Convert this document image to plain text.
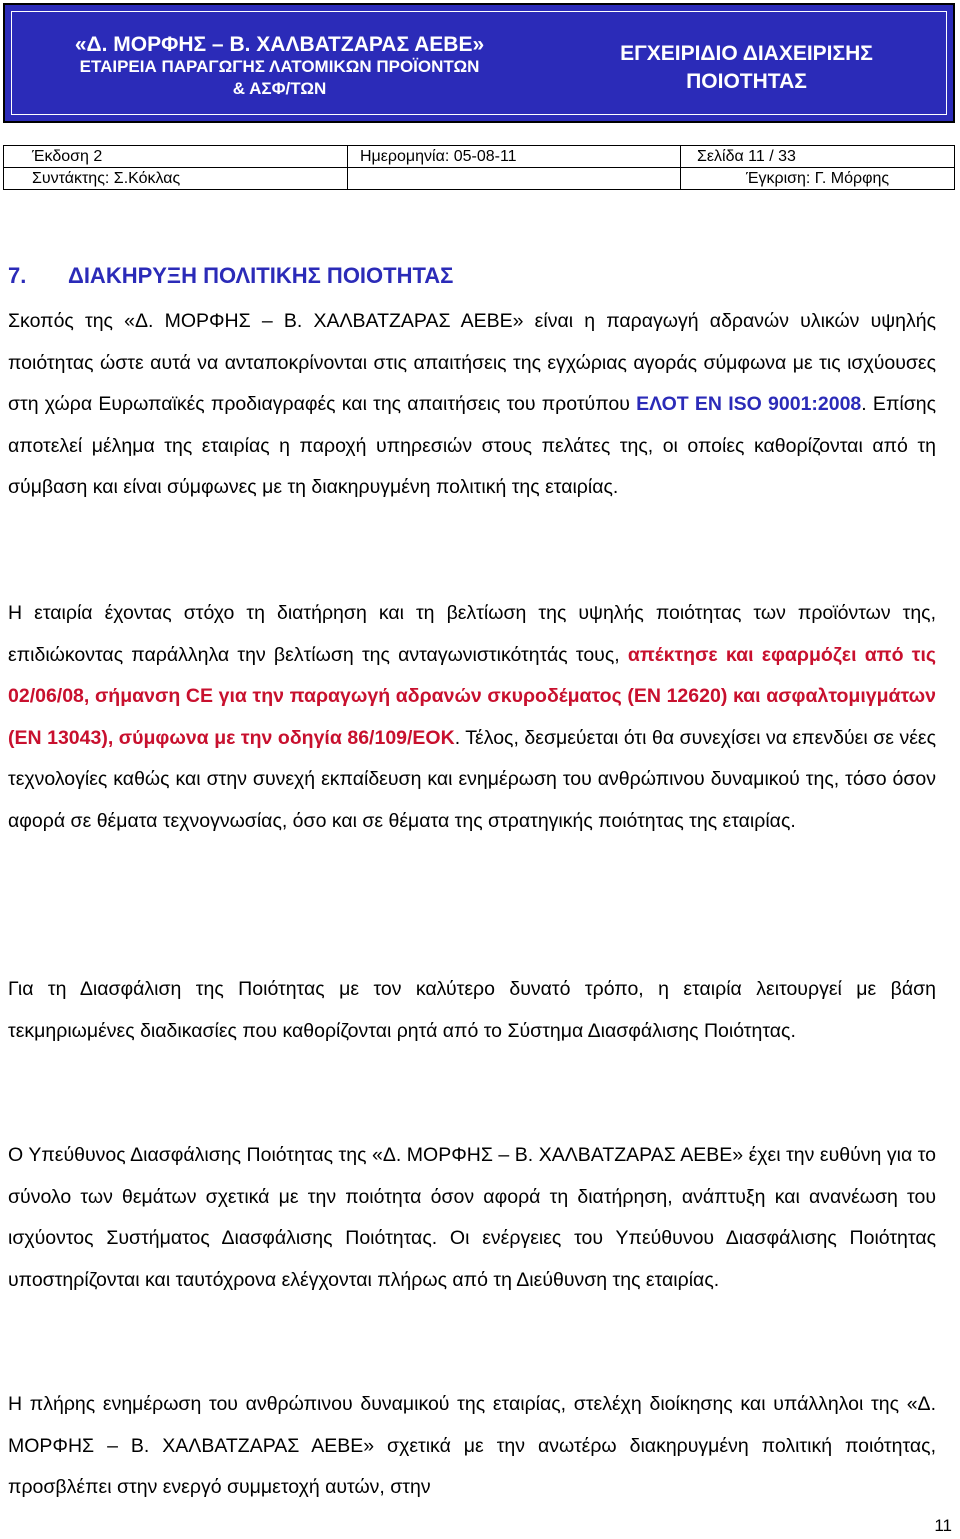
«Δ. ΜΟΡΦΗΣ – Β. ΧΑΛΒΑΤΖΑΡΑΣ ΑΕΒΕ»
ΕΤΑΙΡΕΙΑ ΠΑΡΑΓΩΓΗΣ ΛΑΤΟΜΙΚΩΝ ΠΡΟΪΟΝΤΩΝ
& ΑΣΦ/ΤΩΝ
ΕΓΧΕΙΡΙΔΙΟ ΔΙΑΧΕΙΡΙΣΗΣ
ΠΟΙΟΤΗΤΑΣ
Έκδοση 2	Ημερομηνία: 05-08-11	Σελίδα 11 / 33
Συντάκτης: Σ.Κόκλας		Έγκριση: Γ. Μόρφης
7. ΔΙΑΚΗΡΥΞΗ ΠΟΛΙΤΙΚΗΣ ΠΟΙΟΤΗΤΑΣ
Σκοπός της «Δ. ΜΟΡΦΗΣ – Β. ΧΑΛΒΑΤΖΑΡΑΣ ΑΕΒΕ» είναι η παραγωγή αδρανών υλικών υψηλής ποιότητας ώστε αυτά να ανταποκρίνονται στις απαιτήσεις της εγχώριας αγοράς σύμφωνα με τις ισχύουσες στη χώρα Ευρωπαϊκές προδιαγραφές και της απαιτήσεις του προτύπου ΕΛΟΤ ΕΝ ISO 9001:2008. Επίσης αποτελεί μέλημα της εταιρίας η παροχή υπηρεσιών στους πελάτες της, οι οποίες καθορίζονται από τη σύμβαση και είναι σύμφωνες με τη διακηρυγμένη πολιτική της εταιρίας.
Η εταιρία έχοντας στόχο τη διατήρηση και τη βελτίωση της υψηλής ποιότητας των προϊόντων της, επιδιώκοντας παράλληλα την βελτίωση της ανταγωνιστικότητάς τους, απέκτησε και εφαρμόζει από τις 02/06/08, σήμανση CE για την παραγωγή αδρανών σκυροδέματος (EN 12620) και ασφαλτομιγμάτων (EN 13043), σύμφωνα με την οδηγία 86/109/ΕΟΚ. Τέλος, δεσμεύεται ότι θα συνεχίσει να επενδύει σε νέες τεχνολογίες καθώς και στην συνεχή εκπαίδευση και ενημέρωση του ανθρώπινου δυναμικού της, τόσο όσον αφορά σε θέματα τεχνογνωσίας, όσο και σε θέματα της στρατηγικής ποιότητας της εταιρίας.
Για τη Διασφάλιση της Ποιότητας με τον καλύτερο δυνατό τρόπο, η εταιρία λειτουργεί με βάση τεκμηριωμένες διαδικασίες που καθορίζονται ρητά από το Σύστημα Διασφάλισης Ποιότητας.
Ο Υπεύθυνος Διασφάλισης Ποιότητας της «Δ. ΜΟΡΦΗΣ – Β. ΧΑΛΒΑΤΖΑΡΑΣ ΑΕΒΕ» έχει την ευθύνη για το σύνολο των θεμάτων σχετικά με την ποιότητα όσον αφορά τη διατήρηση, ανάπτυξη και ανανέωση του ισχύοντος Συστήματος Διασφάλισης Ποιότητας. Οι ενέργειες του Υπεύθυνου Διασφάλισης Ποιότητας υποστηρίζονται και ταυτόχρονα ελέγχονται πλήρως από τη Διεύθυνση της εταιρίας.
Η πλήρης ενημέρωση του ανθρώπινου δυναμικού της εταιρίας, στελέχη διοίκησης και υπάλληλοι της «Δ. ΜΟΡΦΗΣ – Β. ΧΑΛΒΑΤΖΑΡΑΣ ΑΕΒΕ» σχετικά με την ανωτέρω διακηρυγμένη πολιτική ποιότητας, προσβλέπει στην ενεργό συμμετοχή αυτών, στην
11
